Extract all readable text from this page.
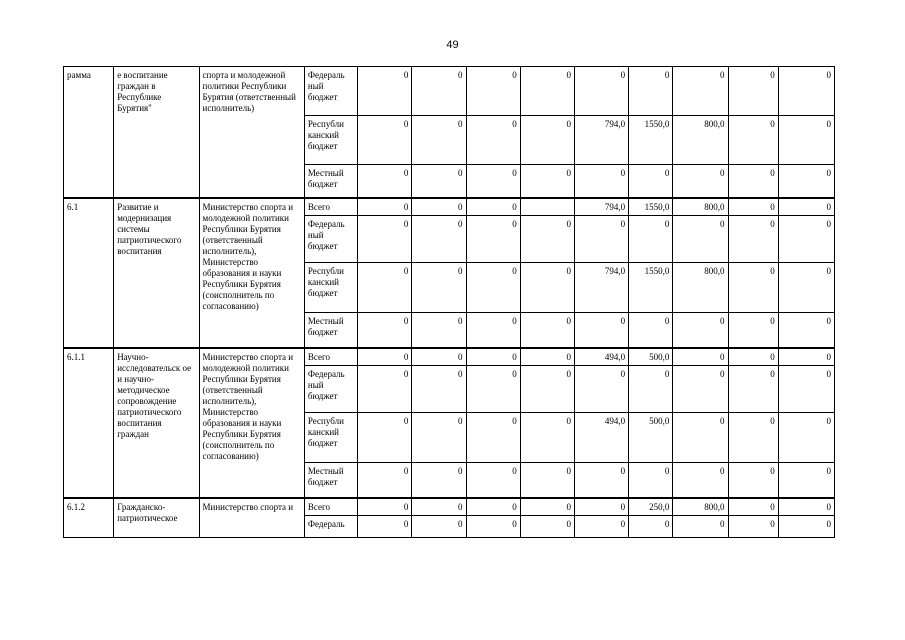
49
рамма	е воспитание граждан в Республике Бурятия"	спорта и молодежной политики Республики Бурятия (ответственный исполнитель)	Федераль ный бюджет	0	0	0	0	0	0	0	0	0
			Республи канский бюджет	0	0	0	0	794,0	1550,0	800,0	0	0
			Местный бюджет	0	0	0	0	0	0	0	0	0
6.1	Развитие и модернизация системы патриотического воспитания	Министерство спорта и молодежной политики Республики Бурятия (ответственный исполнитель), Министерство образования и науки Республики Бурятия (соисполнитель по согласованию)	Всего	0	0	0		794,0	1550,0	800,0	0	0
			Федераль ный бюджет	0	0	0	0	0	0	0	0	0
			Республи канский бюджет	0	0	0	0	794,0	1550,0	800,0	0	0
			Местный бюджет	0	0	0	0	0	0	0	0	0
6.1.1	Научно-исследовательск ое и научно-методическое сопровождение патриотического воспитания граждан	Министерство спорта и молодежной политики Республики Бурятия (ответственный исполнитель), Министерство образования и науки Республики Бурятия (соисполнитель по согласованию)	Всего	0	0	0	0	494,0	500,0	0	0	0
			Федераль ный бюджет	0	0	0	0	0	0	0	0	0
			Республи канский бюджет	0	0	0	0	494,0	500,0	0	0	0
			Местный бюджет	0	0	0	0	0	0	0	0	0
6.1.2	Гражданско-патриотическое	Министерство спорта и	Всего	0	0	0	0	0	250,0	800,0	0	0
			Федераль	0	0	0	0	0	0	0	0	0
